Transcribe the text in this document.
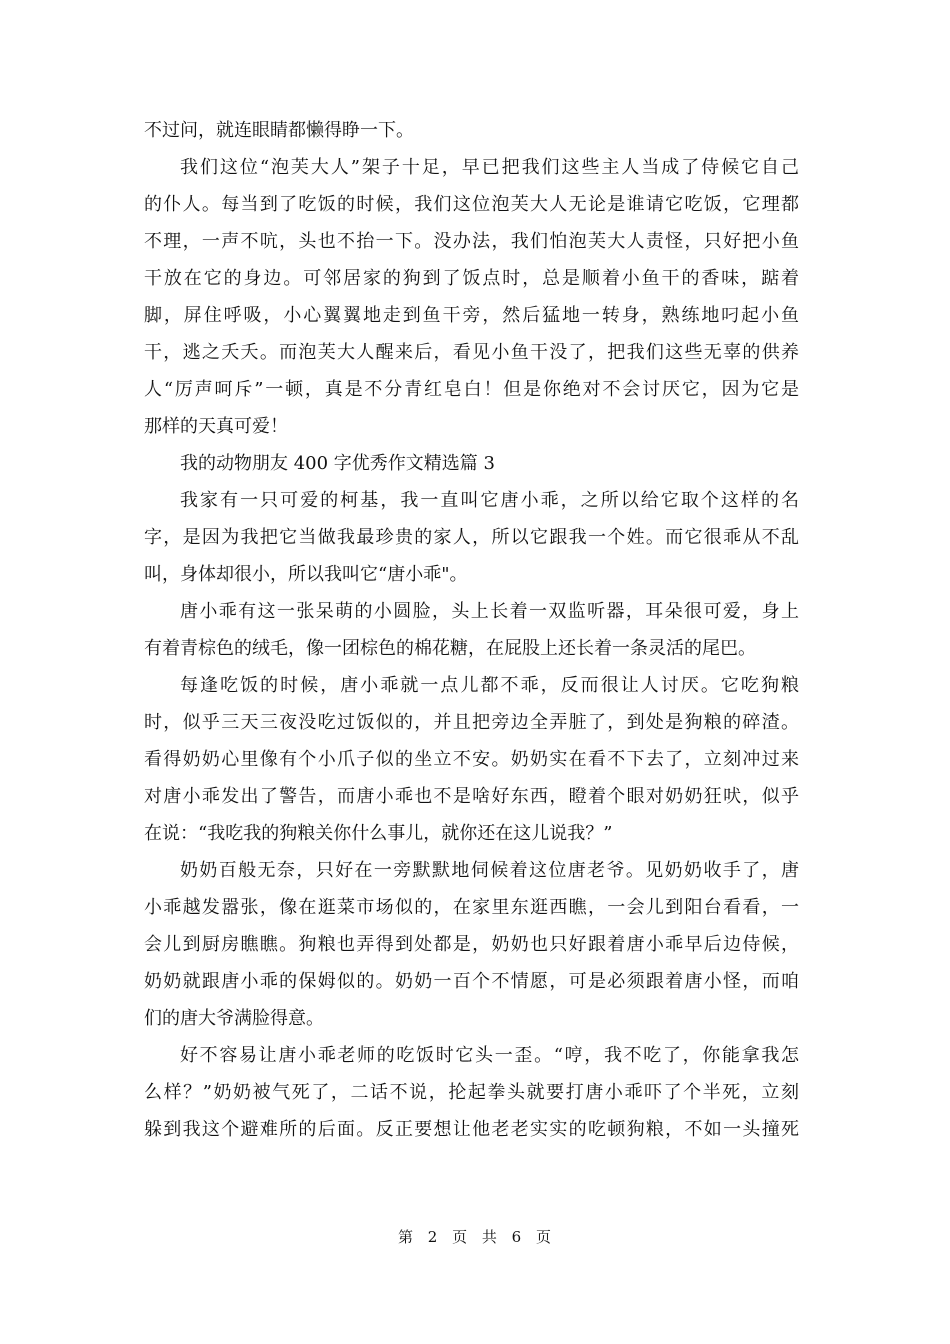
不过问，就连眼睛都懒得睁一下。
我们这位“泡芙大人”架子十足，早已把我们这些主人当成了侍候它自己
的仆人。每当到了吃饭的时候，我们这位泡芙大人无论是谁请它吃饭，它理都
不理，一声不吭，头也不抬一下。没办法，我们怕泡芙大人责怪，只好把小鱼
干放在它的身边。可邻居家的狗到了饭点时，总是顺着小鱼干的香味，踮着
脚，屏住呼吸，小心翼翼地走到鱼干旁，然后猛地一转身，熟练地叼起小鱼
干，逃之夭夭。而泡芙大人醒来后，看见小鱼干没了，把我们这些无辜的供养
人“厉声呵斥”一顿，真是不分青红皂白！但是你绝对不会讨厌它，因为它是
那样的天真可爱！
我的动物朋友 400 字优秀作文精选篇 3
我家有一只可爱的柯基，我一直叫它唐小乖，之所以给它取个这样的名
字，是因为我把它当做我最珍贵的家人，所以它跟我一个姓。而它很乖从不乱
叫，身体却很小，所以我叫它“唐小乖"。
唐小乖有这一张呆萌的小圆脸，头上长着一双监听器，耳朵很可爱，身上
有着青棕色的绒毛，像一团棕色的棉花糖，在屁股上还长着一条灵活的尾巴。
每逢吃饭的时候，唐小乖就一点儿都不乖，反而很让人讨厌。它吃狗粮
时，似乎三天三夜没吃过饭似的，并且把旁边全弄脏了，到处是狗粮的碎渣。
看得奶奶心里像有个小爪子似的坐立不安。奶奶实在看不下去了，立刻冲过来
对唐小乖发出了警告，而唐小乖也不是啥好东西，瞪着个眼对奶奶狂吠，似乎
在说：“我吃我的狗粮关你什么事儿，就你还在这儿说我？”
奶奶百般无奈，只好在一旁默默地伺候着这位唐老爷。见奶奶收手了，唐
小乖越发嚣张，像在逛菜市场似的，在家里东逛西瞧，一会儿到阳台看看，一
会儿到厨房瞧瞧。狗粮也弄得到处都是，奶奶也只好跟着唐小乖早后边侍候，
奶奶就跟唐小乖的保姆似的。奶奶一百个不情愿，可是必须跟着唐小怪，而咱
们的唐大爷满脸得意。
好不容易让唐小乖老师的吃饭时它头一歪。“哼，我不吃了，你能拿我怎
么样？”奶奶被气死了，二话不说，抡起拳头就要打唐小乖吓了个半死，立刻
躲到我这个避难所的后面。反正要想让他老老实实的吃顿狗粮，不如一头撞死
第 2 页 共 6 页
